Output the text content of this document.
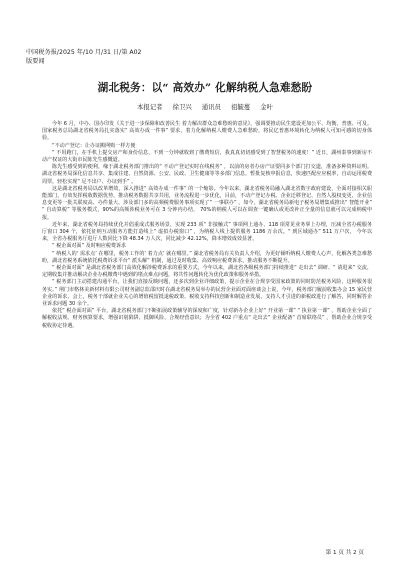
中国税务报/2025 年/10 月/31 日/第 A02
版要闻
湖北税务：以“ 高效办” 化解纳税人急难愁盼
本报记者 徐卫兴 通讯员 祖毓蔓 金叶

今年 6 月，中办、国办印发《关于进一步保障和改善民生 着力解决群众急难愁盼的意见》，强调要推动民生建设更加公平、均衡、普惠、可及。国家税务总局湖北省税务局扎实落实“ 高效办成一件事” 要求，着力化解纳税人缴费人急难愁盼，将民亿普惠环境转化为纳税人可知可感的切身体验。

“不动产登记：让办证搬网购一样方便

“ 不用跑门，在手机上提交房产和身份信息，不到一分钟就收到了缴费短信，我真真切切感受到了智慧税务的速度！” 近日，湖州泰事到新房不动产权证的大街市民陈先生感慨道。

陈先生感受到的便利，缘于湖北税务部门推出的“ 不动产登记实时在线税务” ，以前的房者办房产证要同多个部门打交道，准备多种资料证明。湖北省税务局深化信息共享、集成往建、自然资源、公安、民政、卫生健康等等多部门信息，暂批复核申报信息，快速匹配应应税率，自动运用税费周票，轻松实现“ 足不出户、办证到手” 。

这是湖北省税务局以改革增效，深入推进“ 高效办成一件事” 的一个缩影。今年以来，湖北省税务局融入湖北省数字政府建设，全面对接相关职能部门，有效发挥税收数据优势，推动税务数据共享共用，业务流程进一步优化，目前，不动产登记办税、企业迁移登记、自然人股权变更、企业信息变更等一批关联度高、办件量大、涉及部门多的高频税费服务事项实现了“ 一事联办” ，如今，湖北省税务局新电子税务局增集成推出“ 智能开业” “ 自动算税” 等服务模式，90%的高频涉税业务可在 3 分钟内办结， 70%的纳税人可以在调查一键确认或更改补正全量的信息就可以完成纳税申报。

近年来，湖北省税务局持续优化并倡重成式服务场景，实现 233 项“ 非接触式” 事项网上通办，118 项常见业务掌上办理，压减全省办税服务厅窗口 304 个，依托征纳互动服务方能打造线上“ 虚拟办税窗口” ，为纳税人线上提供服务 1186 万余次。“ 到区域通办” 511 万户次， 今年以来，全省办税服务厅进厅人数同比下降 48.34 万人次，同比减少 42.12%，降本增效成效显著。

“ 税企面对面” 及时响应税费诉求

“ 纳税人的‘ 需求点’ 在哪里，税务工作的‘ 着力点’ 就在哪里。” 湖北省税务局有关负责人介绍，为更好倾听纳税人缴费人心声，化解各类急难愁盼，湖北省税务系统依托税费诉求平台“ 派头解” 机制，通过及时收集、高效响应税费诉求，推动服务不断提升。

“ 税企面对面” 是湖北省税务部门高效化解涉税费诉求的重要方式，今年以来，湖北省各级税务部门持续推进“ 走出去” 调研、“ 请进来” 交流，定期收集并推动解决企业办税缴费中遇到的堵点难点问题，将共性问题转化为优化政策和服务举措。

“ 税务部门主动搭建沟通平台，让我们直接反映问题，还多次到企业详细政策，提示企业在合规享受国家政策的同时防范税务风险，这种服务很务实。” 荆门市格林美新材料有限公司财务副总监邵庆时在湖北省税务局举办的民营企业面对面座谈会上说，今年，税务部门履前收集办会 15 家民营企业的诉求，会上，税务干部就企业关心的增值税留抵退税政策、税收支持科技创新和制造业发展、支持人才引进的新税政进行了解答，同时解答企业诉求问题 30 余个。

依托“ 税企面对面” 平台，湖北省税务部门不断拓展政策辅导的深度和广度，针对新办企业上好“ 开业第一课” “ 执业第一课” ，帮助企业全面了解税收法规、财务核算要求，增强识别陷阱、抵御风险、合规经营意识；为全省 402 户重点“ 走出去” 企业配备“ 首席联络员” ，帮助企业合规享受税收协定待遇。

第 1 页 共 2 页
